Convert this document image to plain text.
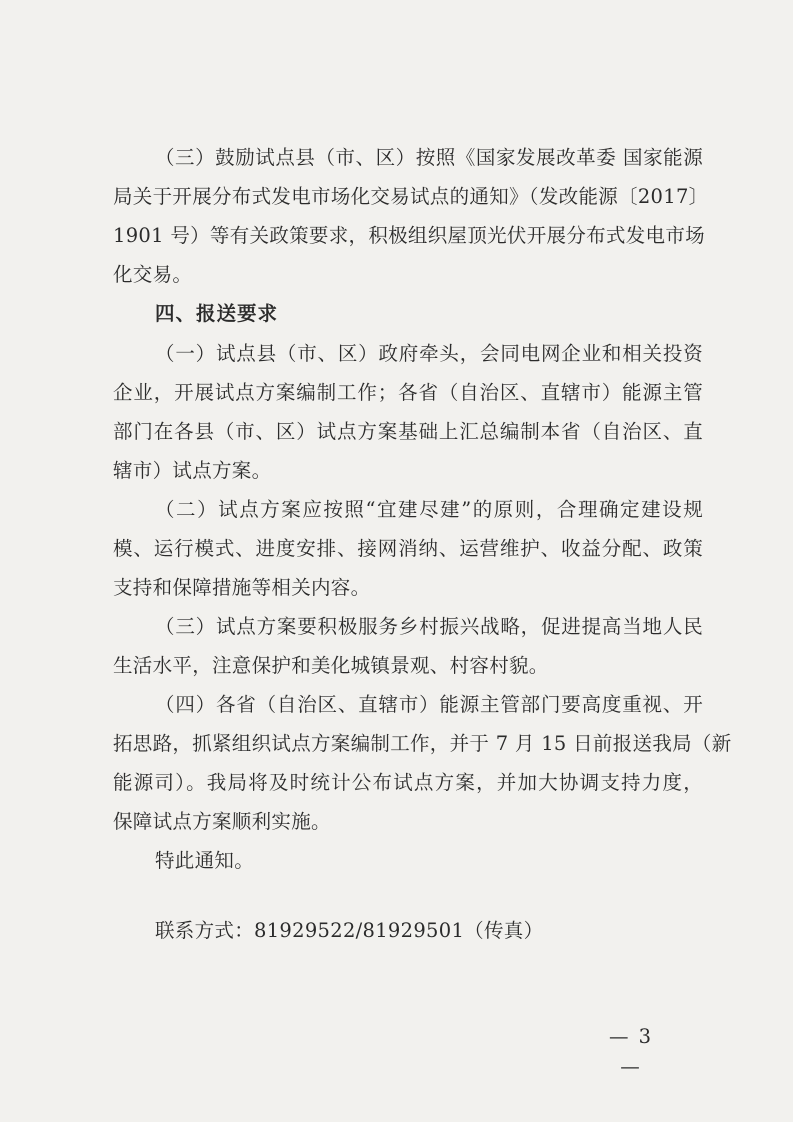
（三）鼓励试点县（市、区）按照《国家发展改革委 国家能源
局关于开展分布式发电市场化交易试点的通知》（发改能源〔2017〕
1901 号）等有关政策要求，积极组织屋顶光伏开展分布式发电市场
化交易。
四、报送要求
（一）试点县（市、区）政府牵头，会同电网企业和相关投资
企业，开展试点方案编制工作；各省（自治区、直辖市）能源主管
部门在各县（市、区）试点方案基础上汇总编制本省（自治区、直
辖市）试点方案。
（二）试点方案应按照“宜建尽建”的原则，合理确定建设规
模、运行模式、进度安排、接网消纳、运营维护、收益分配、政策
支持和保障措施等相关内容。
（三）试点方案要积极服务乡村振兴战略，促进提高当地人民
生活水平，注意保护和美化城镇景观、村容村貌。
（四）各省（自治区、直辖市）能源主管部门要高度重视、开
拓思路，抓紧组织试点方案编制工作，并于 7 月 15 日前报送我局（新
能源司）。我局将及时统计公布试点方案，并加大协调支持力度，
保障试点方案顺利实施。
特此通知。
联系方式：81929522/81929501（传真）
— 3 —
